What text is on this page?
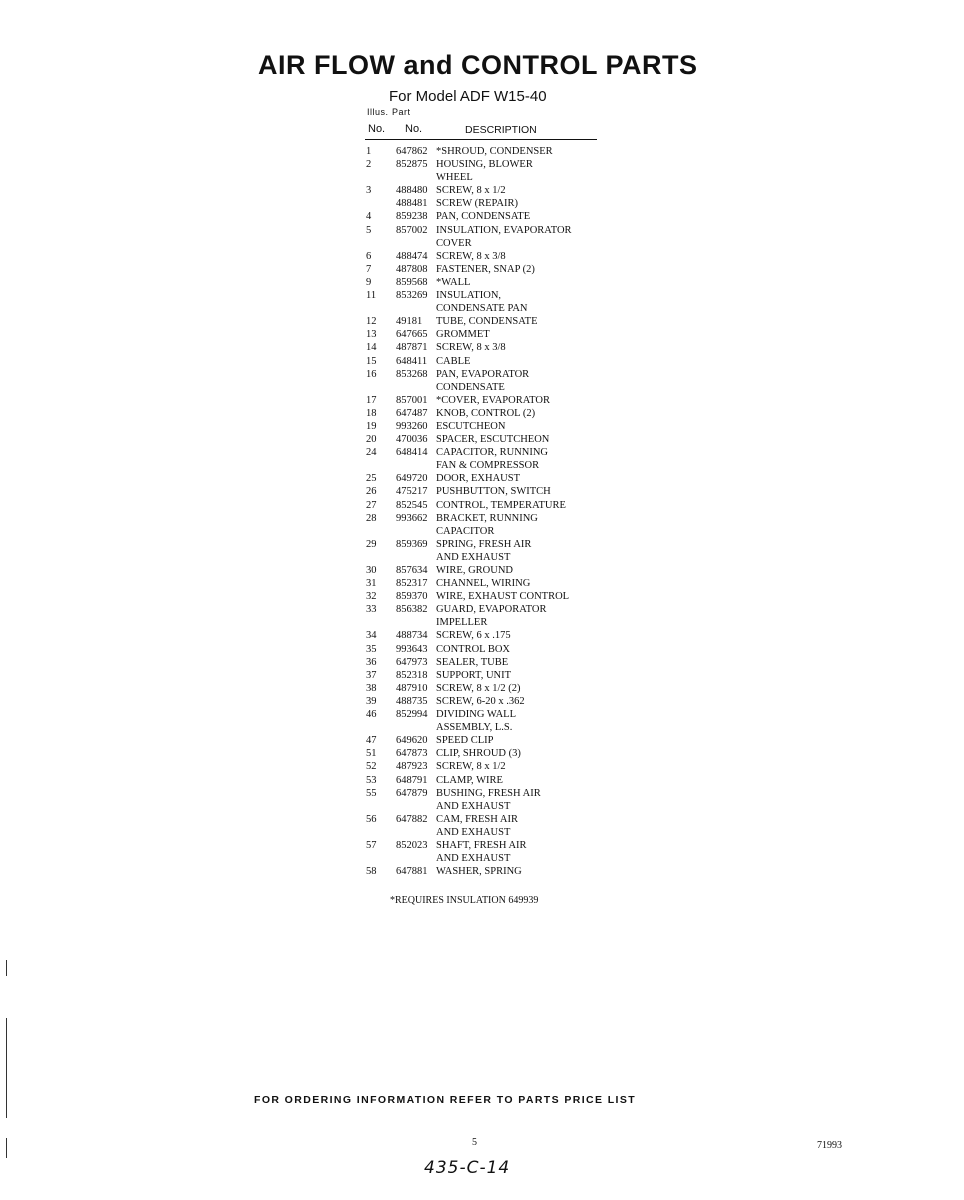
AIR FLOW and CONTROL PARTS
For Model ADF W15-40
Illus. Part
No. No.	DESCRIPTION
1	647862 *SHROUD, CONDENSER
2	852875 HOUSING, BLOWER
WHEEL
3	488480 SCREW, 8 x 1/2
488481 SCREW (REPAIR)
4	859238 PAN, CONDENSATE
5	857002 INSULATION, EVAPORATOR
COVER
6	488474 SCREW, 8 x 3/8
7	487808 FASTENER, SNAP (2)
9	859568 *WALL
11	853269 INSULATION,
CONDENSATE PAN
12	49181	TUBE, CONDENSATE
13	647665 GROMMET
14	487871 SCREW, 8 x 3/8
15	648411 CABLE
16	853268 PAN, EVAPORATOR
CONDENSATE
17	857001 *COVER, EVAPORATOR
18	647487 KNOB, CONTROL (2)
19	993260 ESCUTCHEON
20	470036 SPACER, ESCUTCHEON
24	648414 CAPACITOR, RUNNING
FAN & COMPRESSOR
25	649720 DOOR, EXHAUST
26	475217 PUSHBUTTON, SWITCH
27	852545 CONTROL, TEMPERATURE
28	993662 BRACKET, RUNNING
CAPACITOR
29	859369 SPRING, FRESH AIR
AND EXHAUST
30	857634 WIRE, GROUND
31	852317 CHANNEL, WIRING
32	859370 WIRE, EXHAUST CONTROL
33	856382 GUARD, EVAPORATOR
IMPELLER
34	488734 SCREW, 6 x .175
35	993643 CONTROL BOX
36	647973 SEALER, TUBE
37	852318 SUPPORT, UNIT
38	487910 SCREW, 8 x 1/2 (2)
39	488735 SCREW, 6-20 x .362
46	852994 DIVIDING WALL
ASSEMBLY, L.S.
47	649620 SPEED CLIP
51	647873 CLIP, SHROUD (3)
52	487923 SCREW, 8 x 1/2
53	648791 CLAMP, WIRE
55	647879 BUSHING, FRESH AIR
AND EXHAUST
56	647882 CAM, FRESH AIR
AND EXHAUST
57	852023 SHAFT, FRESH AIR
AND EXHAUST
58	647881 WASHER, SPRING
*REQUIRES INSULATION 649939
FOR ORDERING INFORMATION REFER TO PARTS PRICE LIST
5	71993
435-C-14
